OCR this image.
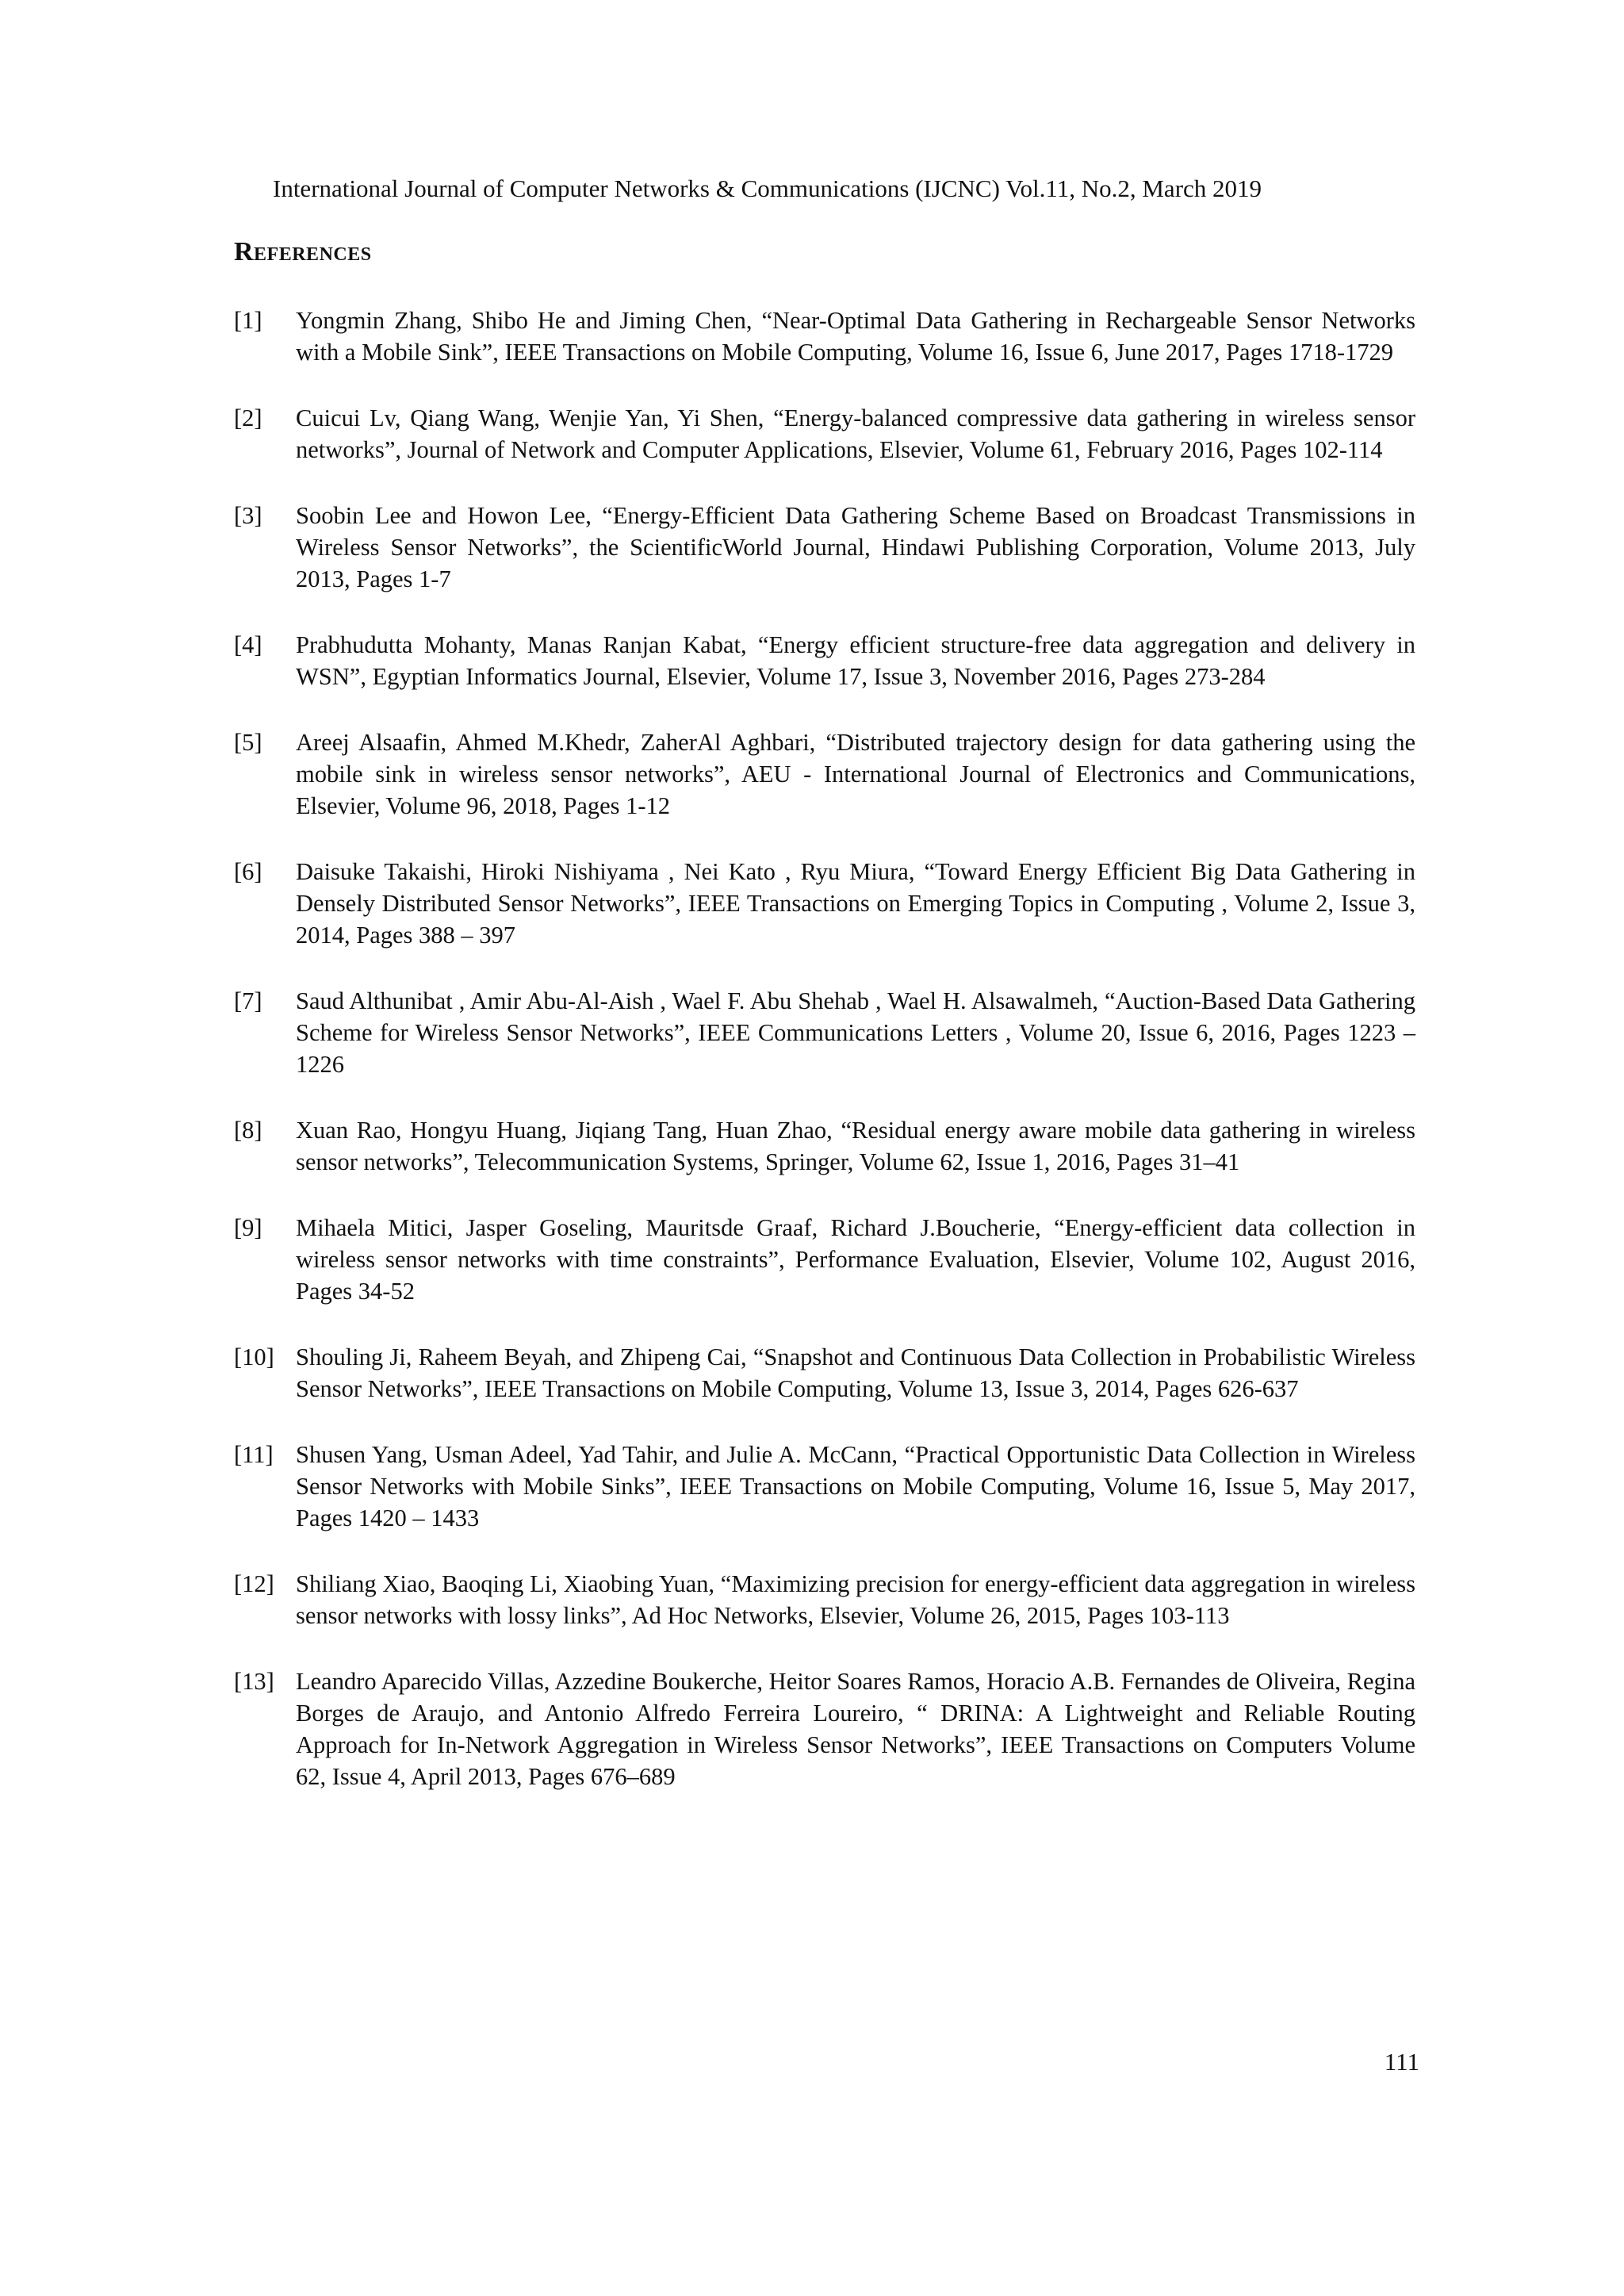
International Journal of Computer Networks & Communications (IJCNC) Vol.11, No.2, March 2019
References
[1] Yongmin Zhang, Shibo He and Jiming Chen, “Near-Optimal Data Gathering in Rechargeable Sensor Networks with a Mobile Sink”, IEEE Transactions on Mobile Computing, Volume 16, Issue 6, June 2017, Pages 1718-1729
[2] Cuicui Lv, Qiang Wang, Wenjie Yan, Yi Shen, “Energy-balanced compressive data gathering in wireless sensor networks”, Journal of Network and Computer Applications, Elsevier, Volume 61, February 2016, Pages 102-114
[3] Soobin Lee and Howon Lee, “Energy-Efficient Data Gathering Scheme Based on Broadcast Transmissions in Wireless Sensor Networks”, the ScientificWorld Journal, Hindawi Publishing Corporation, Volume 2013, July 2013, Pages 1-7
[4] Prabhudutta Mohanty, Manas Ranjan Kabat, “Energy efficient structure-free data aggregation and delivery in WSN”, Egyptian Informatics Journal, Elsevier, Volume 17, Issue 3, November 2016, Pages 273-284
[5] Areej Alsaafin, Ahmed M.Khedr, ZaherAl Aghbari, “Distributed trajectory design for data gathering using the mobile sink in wireless sensor networks”, AEU - International Journal of Electronics and Communications, Elsevier, Volume 96, 2018, Pages 1-12
[6] Daisuke Takaishi, Hiroki Nishiyama , Nei Kato , Ryu Miura, “Toward Energy Efficient Big Data Gathering in Densely Distributed Sensor Networks”, IEEE Transactions on Emerging Topics in Computing , Volume 2, Issue 3, 2014, Pages 388 – 397
[7] Saud Althunibat , Amir Abu-Al-Aish , Wael F. Abu Shehab , Wael H. Alsawalmeh, “Auction-Based Data Gathering Scheme for Wireless Sensor Networks”, IEEE Communications Letters , Volume 20, Issue 6, 2016, Pages 1223 – 1226
[8] Xuan Rao, Hongyu Huang, Jiqiang Tang, Huan Zhao, “Residual energy aware mobile data gathering in wireless sensor networks”, Telecommunication Systems, Springer, Volume 62, Issue 1, 2016, Pages 31–41
[9] Mihaela Mitici, Jasper Goseling, Mauritsde Graaf, Richard J.Boucherie, “Energy-efficient data collection in wireless sensor networks with time constraints”, Performance Evaluation, Elsevier, Volume 102, August 2016, Pages 34-52
[10] Shouling Ji, Raheem Beyah, and Zhipeng Cai, “Snapshot and Continuous Data Collection in Probabilistic Wireless Sensor Networks”, IEEE Transactions on Mobile Computing, Volume 13, Issue 3, 2014, Pages 626-637
[11] Shusen Yang, Usman Adeel, Yad Tahir, and Julie A. McCann, “Practical Opportunistic Data Collection in Wireless Sensor Networks with Mobile Sinks”, IEEE Transactions on Mobile Computing, Volume 16, Issue 5, May 2017, Pages 1420 – 1433
[12] Shiliang Xiao, Baoqing Li, Xiaobing Yuan, “Maximizing precision for energy-efficient data aggregation in wireless sensor networks with lossy links”, Ad Hoc Networks, Elsevier, Volume 26, 2015, Pages 103-113
[13] Leandro Aparecido Villas, Azzedine Boukerche, Heitor Soares Ramos, Horacio A.B. Fernandes de Oliveira, Regina Borges de Araujo, and Antonio Alfredo Ferreira Loureiro, “ DRINA: A Lightweight and Reliable Routing Approach for In-Network Aggregation in Wireless Sensor Networks”, IEEE Transactions on Computers Volume 62, Issue 4, April 2013, Pages 676–689
111
